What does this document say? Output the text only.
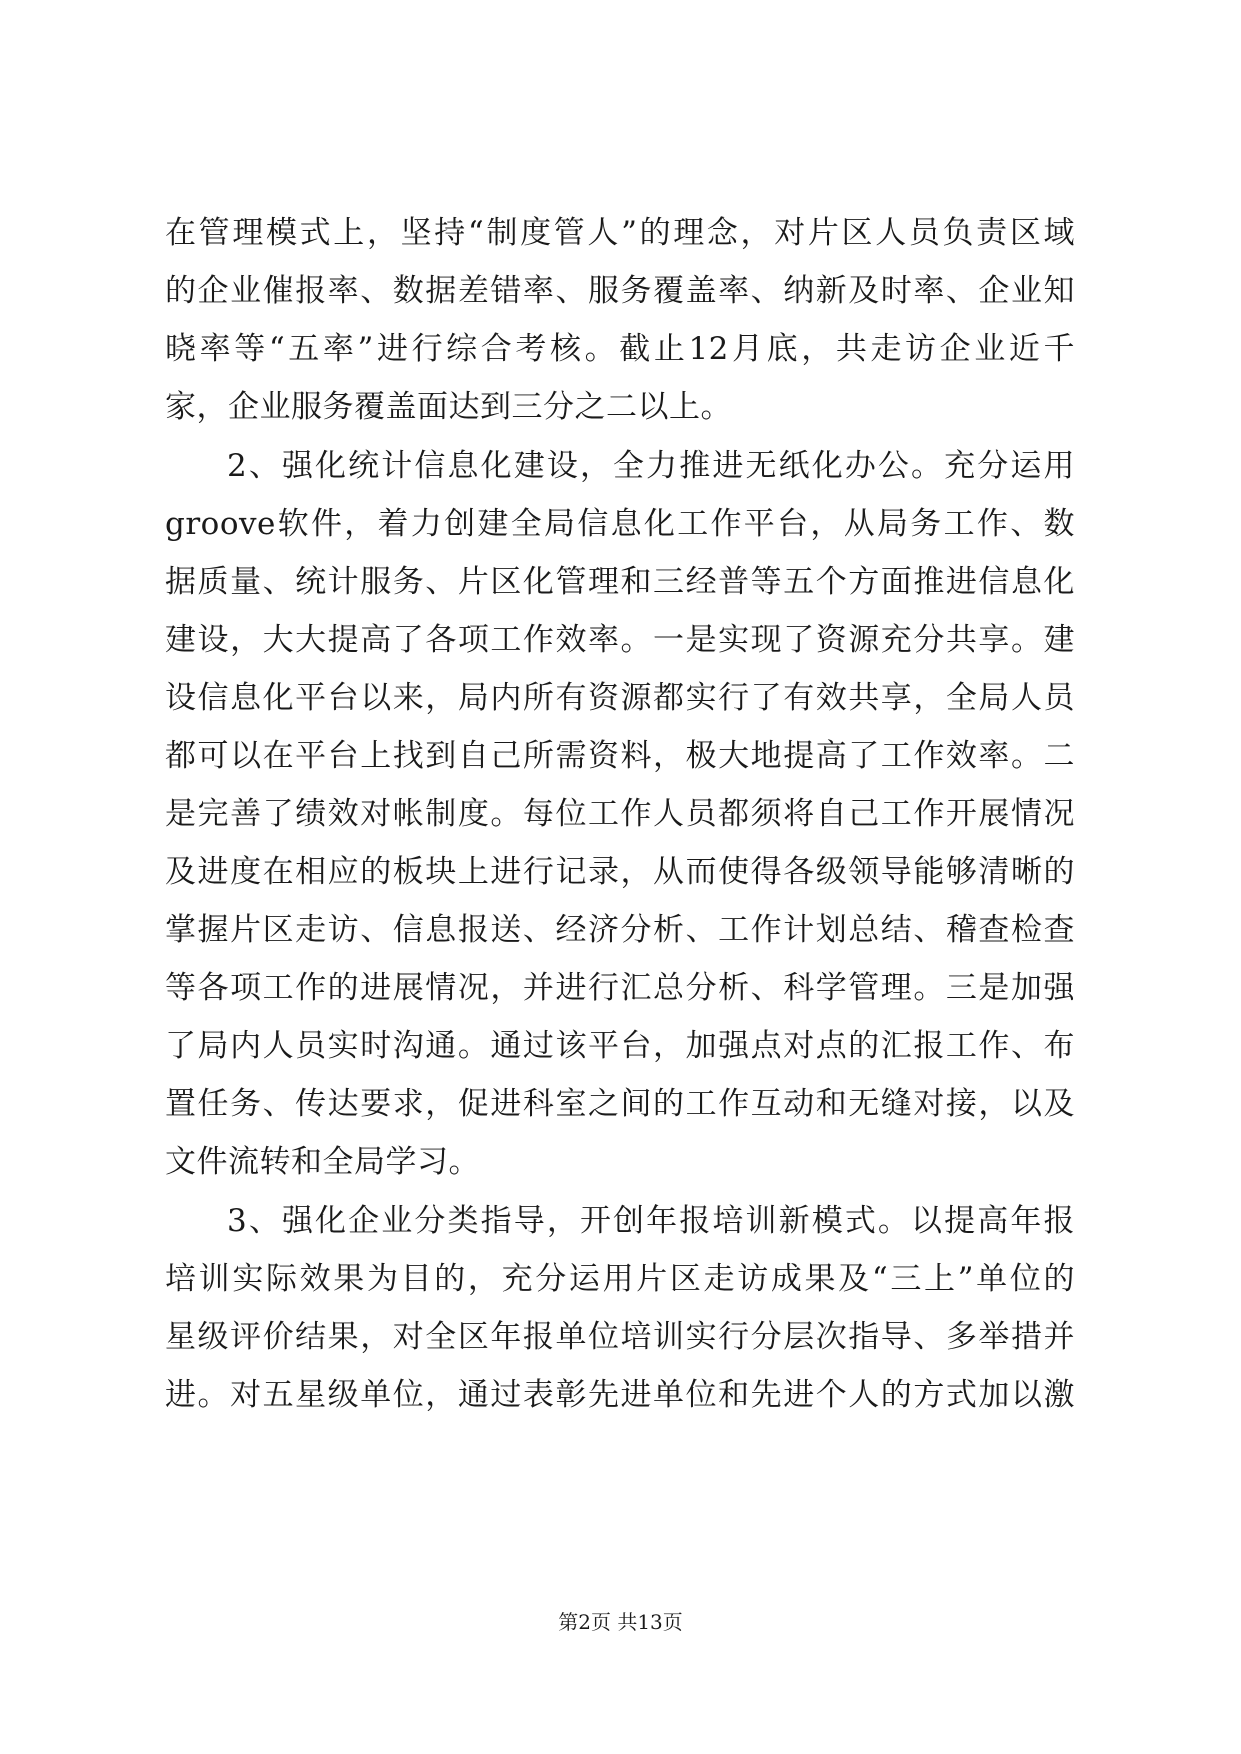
在管理模式上，坚持“制度管人”的理念，对片区人员负责区域
的企业催报率、数据差错率、服务覆盖率、纳新及时率、企业知
晓率等“五率”进行综合考核。截止12月底，共走访企业近千
家，企业服务覆盖面达到三分之二以上。
2、强化统计信息化建设，全力推进无纸化办公。充分运用
groove软件，着力创建全局信息化工作平台，从局务工作、数
据质量、统计服务、片区化管理和三经普等五个方面推进信息化
建设，大大提高了各项工作效率。一是实现了资源充分共享。建
设信息化平台以来，局内所有资源都实行了有效共享，全局人员
都可以在平台上找到自己所需资料，极大地提高了工作效率。二
是完善了绩效对帐制度。每位工作人员都须将自己工作开展情况
及进度在相应的板块上进行记录，从而使得各级领导能够清晰的
掌握片区走访、信息报送、经济分析、工作计划总结、稽查检查
等各项工作的进展情况，并进行汇总分析、科学管理。三是加强
了局内人员实时沟通。通过该平台，加强点对点的汇报工作、布
置任务、传达要求，促进科室之间的工作互动和无缝对接，以及
文件流转和全局学习。
3、强化企业分类指导，开创年报培训新模式。以提高年报
培训实际效果为目的，充分运用片区走访成果及“三上”单位的
星级评价结果，对全区年报单位培训实行分层次指导、多举措并
进。对五星级单位，通过表彰先进单位和先进个人的方式加以激
第2页 共13页
